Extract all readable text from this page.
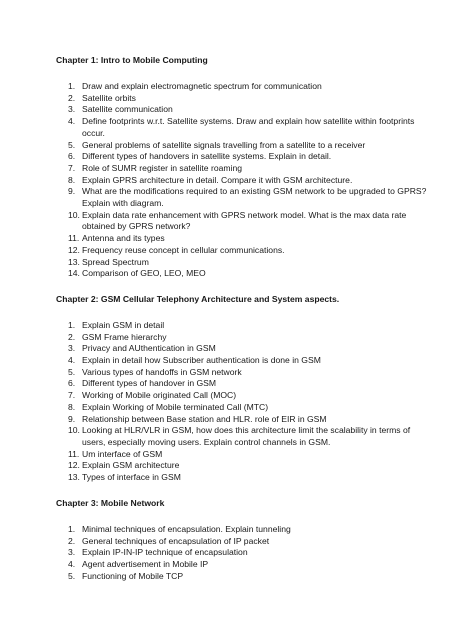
Chapter 1: Intro to Mobile Computing

1. Draw and explain electromagnetic spectrum for communication
2. Satellite orbits
3. Satellite communication
4. Define footprints w.r.t. Satellite systems. Draw and explain how satellite within footprints occur.
5. General problems of satellite signals travelling from a satellite to a receiver
6. Different types of handovers in satellite systems. Explain in detail.
7. Role of SUMR register in satellite roaming
8. Explain GPRS architecture in detail. Compare it with GSM architecture.
9. What are the modifications required to an existing GSM network to be upgraded to GPRS? Explain with diagram.
10. Explain data rate enhancement with GPRS network model. What is the max data rate obtained by GPRS network?
11. Antenna and its types
12. Frequency reuse concept in cellular communications.
13. Spread Spectrum
14. Comparison of GEO, LEO, MEO

Chapter 2: GSM Cellular Telephony Architecture and System aspects.

1. Explain GSM in detail
2. GSM Frame hierarchy
3. Privacy and AUthentication in GSM
4. Explain in detail how Subscriber authentication is done in GSM
5. Various types of handoffs in GSM network
6. Different types of handover in GSM
7. Working of Mobile originated Call (MOC)
8. Explain Working of Mobile terminated Call (MTC)
9. Relationship between Base station and HLR. role of EIR in GSM
10. Looking at HLR/VLR in GSM, how does this architecture limit the scalability in terms of users, especially moving users. Explain control channels in GSM.
11. Um interface of GSM
12. Explain GSM architecture
13. Types of interface in GSM

Chapter 3: Mobile Network

1. Minimal techniques of encapsulation. Explain tunneling
2. General techniques of encapsulation of IP packet
3. Explain IP-IN-IP technique of encapsulation
4. Agent advertisement in Mobile IP
5. Functioning of Mobile TCP
